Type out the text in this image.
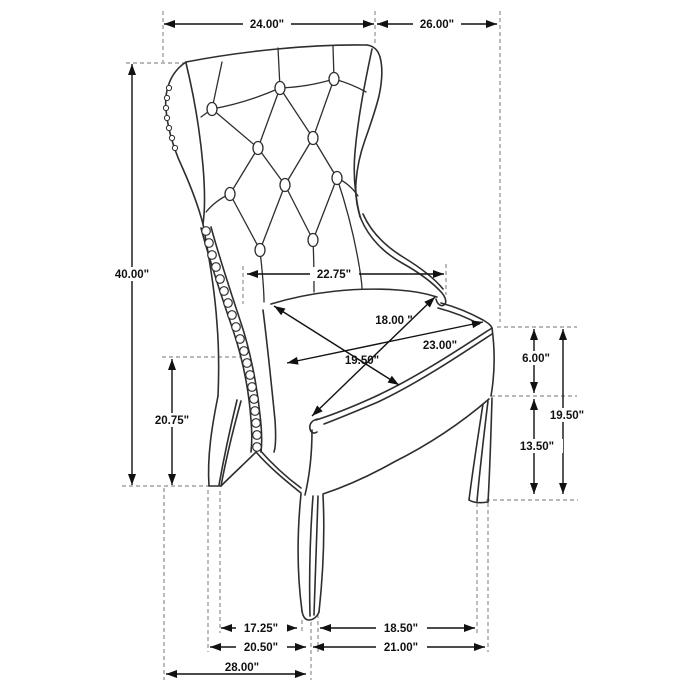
24.00"	26.00"
40.00"	22.75"
18.00 "
23.00"
19.50"
20.75"
6.00"
13.50"
19.50"
17.25"	18.50"
20.50"	21.00"
28.00"
